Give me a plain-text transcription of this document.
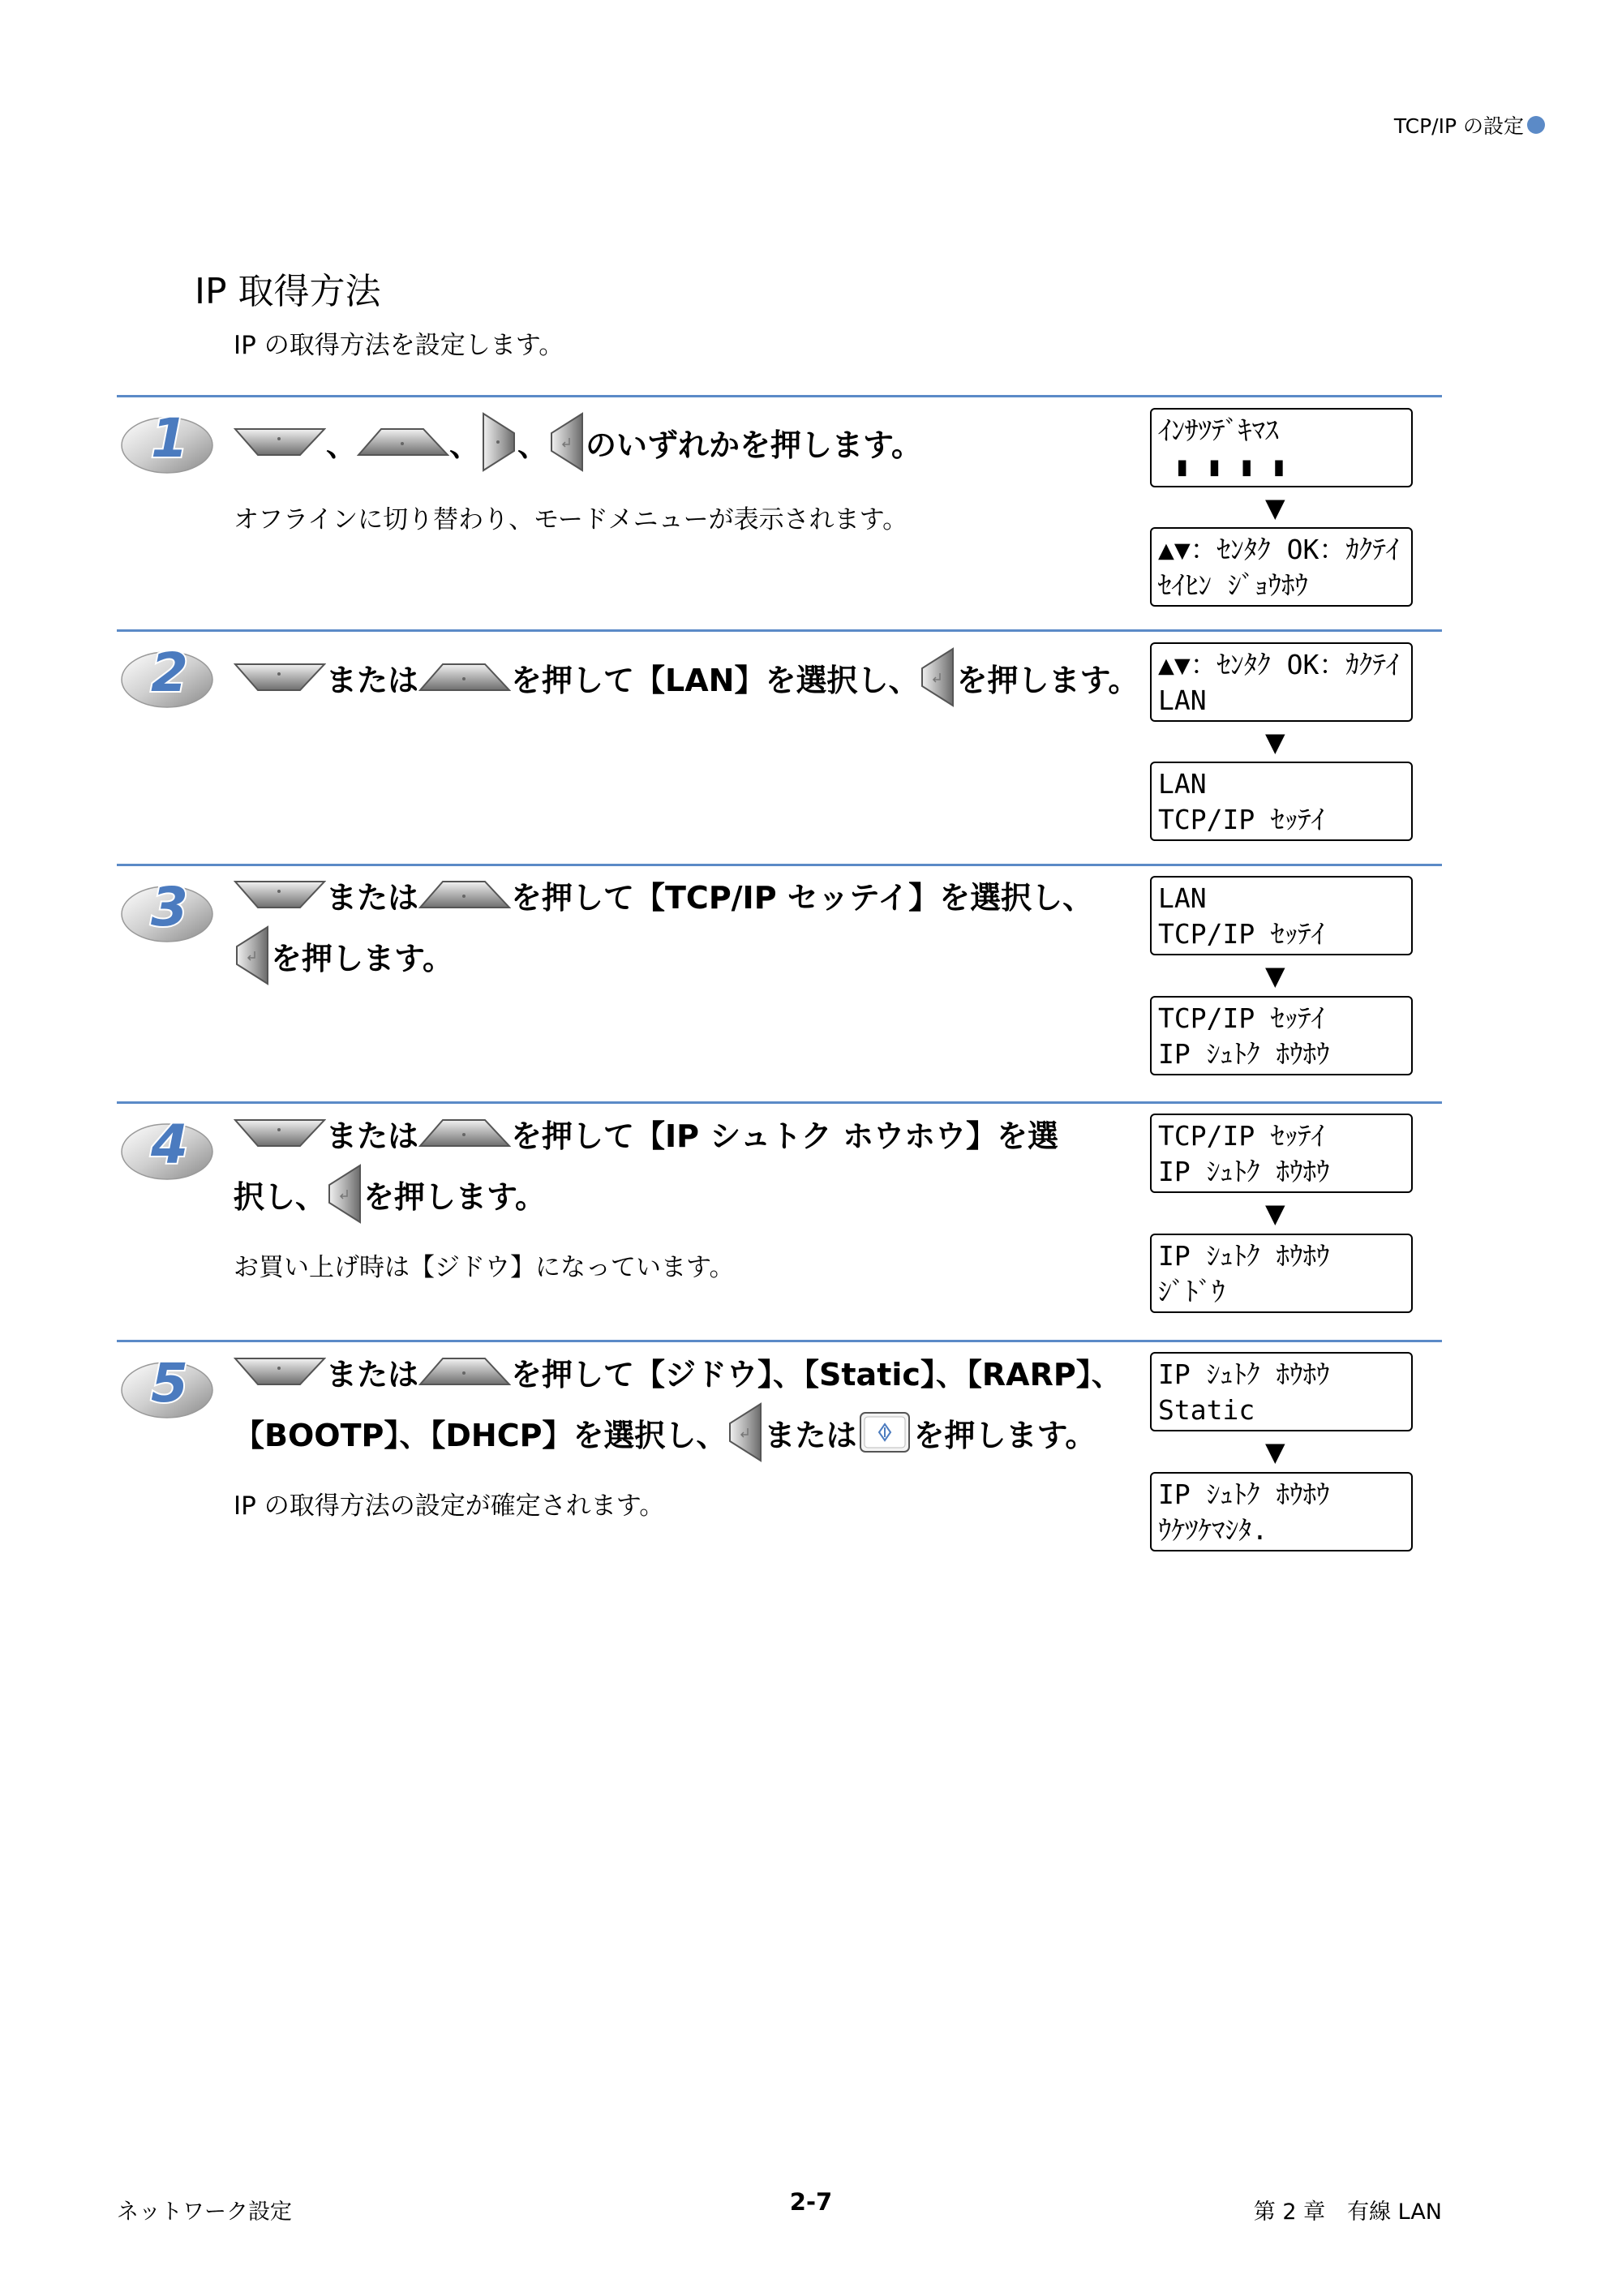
TCP/IP の設定
IP 取得方法
IP の取得方法を設定します。
1	、	、 、 のいずれかを押します。
オフラインに切り替わり、モードメニューが表示されます。
ｲﾝｻﾂﾃﾞｷﾏｽ
▮ ▮ ▮ ▮
▼
▲▼：ｾﾝﾀｸ OK：ｶｸﾃｲ
ｾｲﾋﾝ ｼﾞｮｳﾎｳ
2	または	を押して【LAN】を選択し、 を押します。 ▲▼：ｾﾝﾀｸ OK：ｶｸﾃｲ
LAN
▼
LAN
TCP/IP ｾｯﾃｲ
3	または	を押して【TCP/IP セッテイ】を選択し、
を押します。
LAN
TCP/IP ｾｯﾃｲ
▼
TCP/IP ｾｯﾃｲ
IP ｼｭﾄｸ ﾎｳﾎｳ
4	または	を押して【IP シュトク ホウホウ】を選
択し、 を押します。
お買い上げ時は【ジドウ】になっています。
TCP/IP ｾｯﾃｲ
IP ｼｭﾄｸ ﾎｳﾎｳ
▼
IP ｼｭﾄｸ ﾎｳﾎｳ
ｼﾞﾄﾞｳ
5	または	を押して【ジドウ】、【Static】、【RARP】、
【BOOTP】、【DHCP】を選択し、 または を押します。
IP の取得方法の設定が確定されます。
IP ｼｭﾄｸ ﾎｳﾎｳ
Static
▼
IP ｼｭﾄｸ ﾎｳﾎｳ
ｳｹﾂｹﾏｼﾀ.
ネットワーク設定	2-7	第 2 章　有線 LAN
